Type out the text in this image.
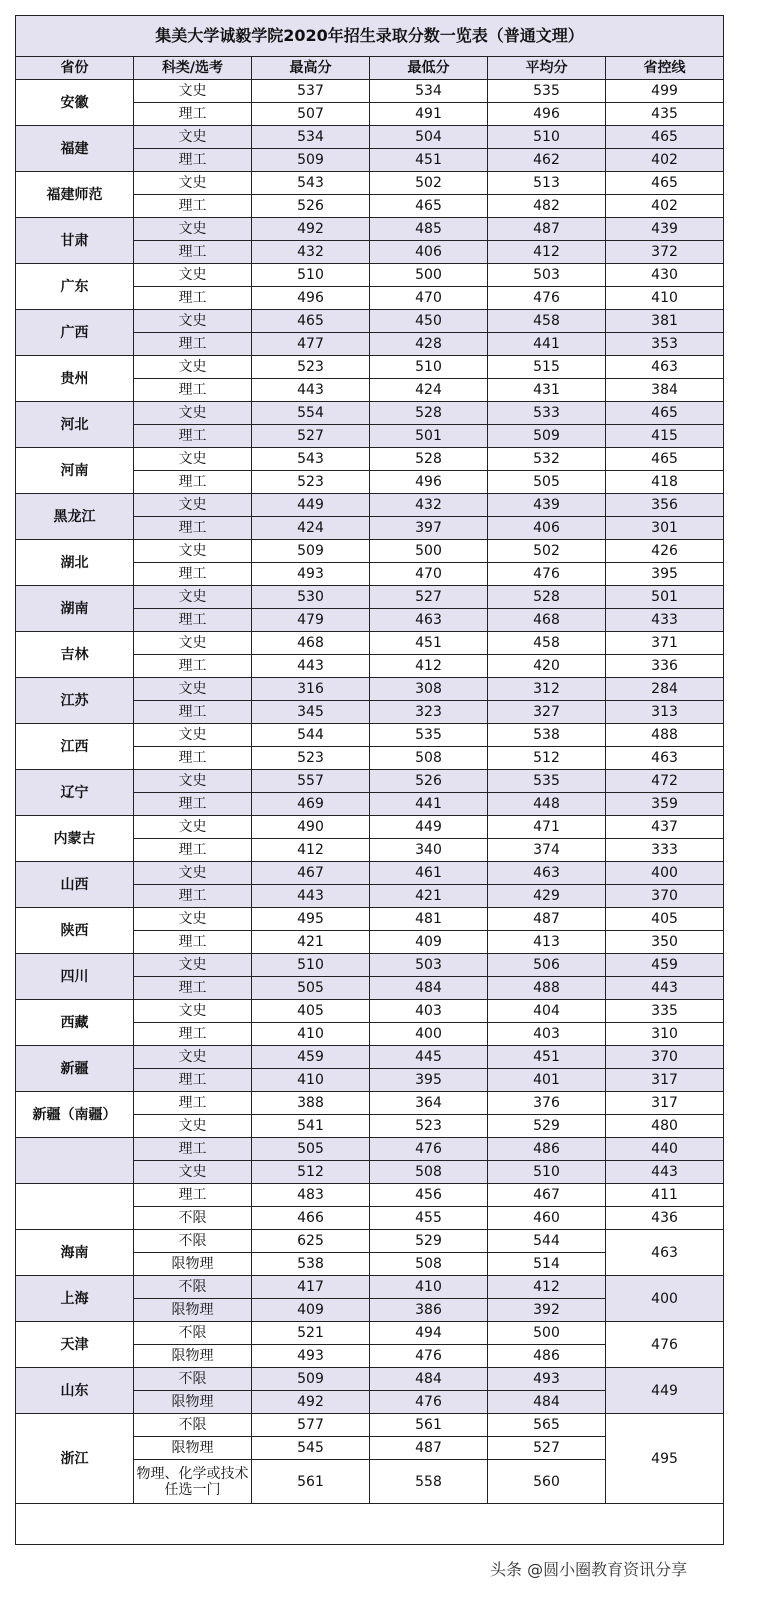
集美大学诚毅学院2020年招生录取分数一览表（普通文理）					
省份	科类/选考	最高分	最低分	平均分	省控线
安徽	文史	537	534	535	499
	理工	507	491	496	435
福建	文史	534	504	510	465
	理工	509	451	462	402
福建师范	文史	543	502	513	465
	理工	526	465	482	402
甘肃	文史	492	485	487	439
	理工	432	406	412	372
广东	文史	510	500	503	430
	理工	496	470	476	410
广西	文史	465	450	458	381
	理工	477	428	441	353
贵州	文史	523	510	515	463
	理工	443	424	431	384
河北	文史	554	528	533	465
	理工	527	501	509	415
河南	文史	543	528	532	465
	理工	523	496	505	418
黑龙江	文史	449	432	439	356
	理工	424	397	406	301
湖北	文史	509	500	502	426
	理工	493	470	476	395
湖南	文史	530	527	528	501
	理工	479	463	468	433
吉林	文史	468	451	458	371
	理工	443	412	420	336
江苏	文史	316	308	312	284
	理工	345	323	327	313
江西	文史	544	535	538	488
	理工	523	508	512	463
辽宁	文史	557	526	535	472
	理工	469	441	448	359
内蒙古	文史	490	449	471	437
	理工	412	340	374	333
山西	文史	467	461	463	400
	理工	443	421	429	370
陕西	文史	495	481	487	405
	理工	421	409	413	350
四川	文史	510	503	506	459
	理工	505	484	488	443
西藏	文史	405	403	404	335
	理工	410	400	403	310
新疆	文史	459	445	451	370
	理工	410	395	401	317
新疆（南疆）	理工	388	364	376	317
	文史	541	523	529	480
	理工	505	476	486	440
	文史	512	508	510	443
	理工	483	456	467	411
	不限	466	455	460	436
海南	不限	625	529	544	463
	限物理	538	508	514	
上海	不限	417	410	412	400
	限物理	409	386	392	
天津	不限	521	494	500	476
	限物理	493	476	486	
山东	不限	509	484	493	449
	限物理	492	476	484	
浙江	不限	577	561	565	495
	限物理	545	487	527	
	物理、化学或技术任选一门	561	558	560	

头条 @圆小圈教育资讯分享
